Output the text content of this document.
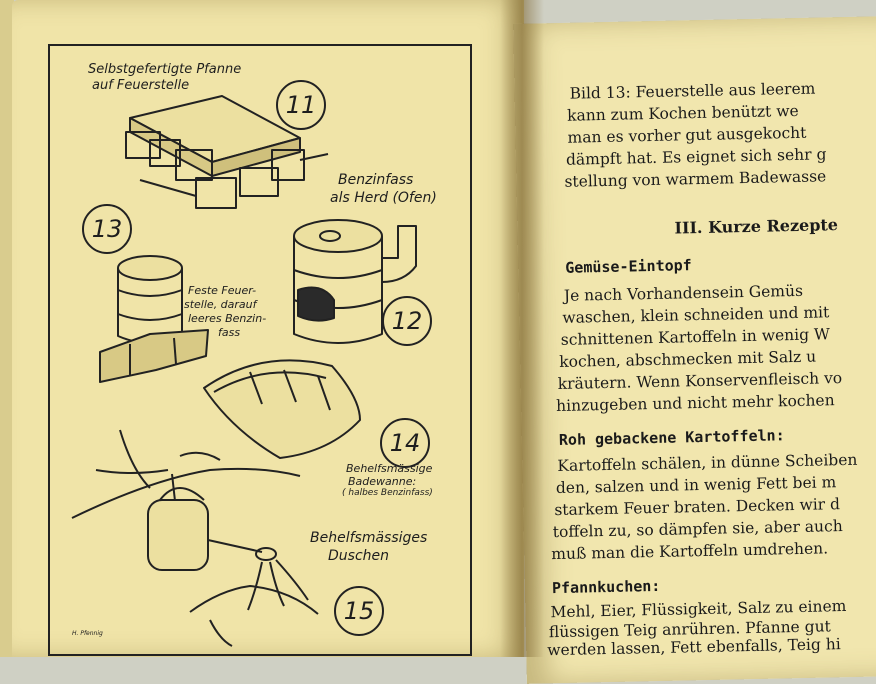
Selbstgefertigte Pfanne
auf Feuerstelle
Benzinfass
als Herd (Ofen)
Feste Feuer-
stelle, darauf
leeres Benzin-
fass
Behelfsmässige
Badewanne:
( halbes Benzinfass)
Behelfsmässiges
Duschen
H. Pfennig
11
12
13
14
15
Bild 13: Feuerstelle aus leerem
kann zum Kochen benützt we
man es vorher gut ausgekocht
dämpft hat. Es eignet sich sehr g
stellung von warmem Badewasse
III. Kurze Rezepte
Gemüse-Eintopf
Je nach Vorhandensein Gemüs
waschen, klein schneiden und mit
schnittenen Kartoffeln in wenig W
kochen, abschmecken mit Salz u
kräutern. Wenn Konservenfleisch vo
hinzugeben und nicht mehr kochen
Roh gebackene Kartoffeln:
Kartoffeln schälen, in dünne Scheiben
den, salzen und in wenig Fett bei m
starkem Feuer braten. Decken wir d
toffeln zu, so dämpfen sie, aber auch
muß man die Kartoffeln umdrehen.
Pfannkuchen:
Mehl, Eier, Flüssigkeit, Salz zu einem
flüssigen Teig anrühren. Pfanne gut
werden lassen, Fett ebenfalls, Teig hi
